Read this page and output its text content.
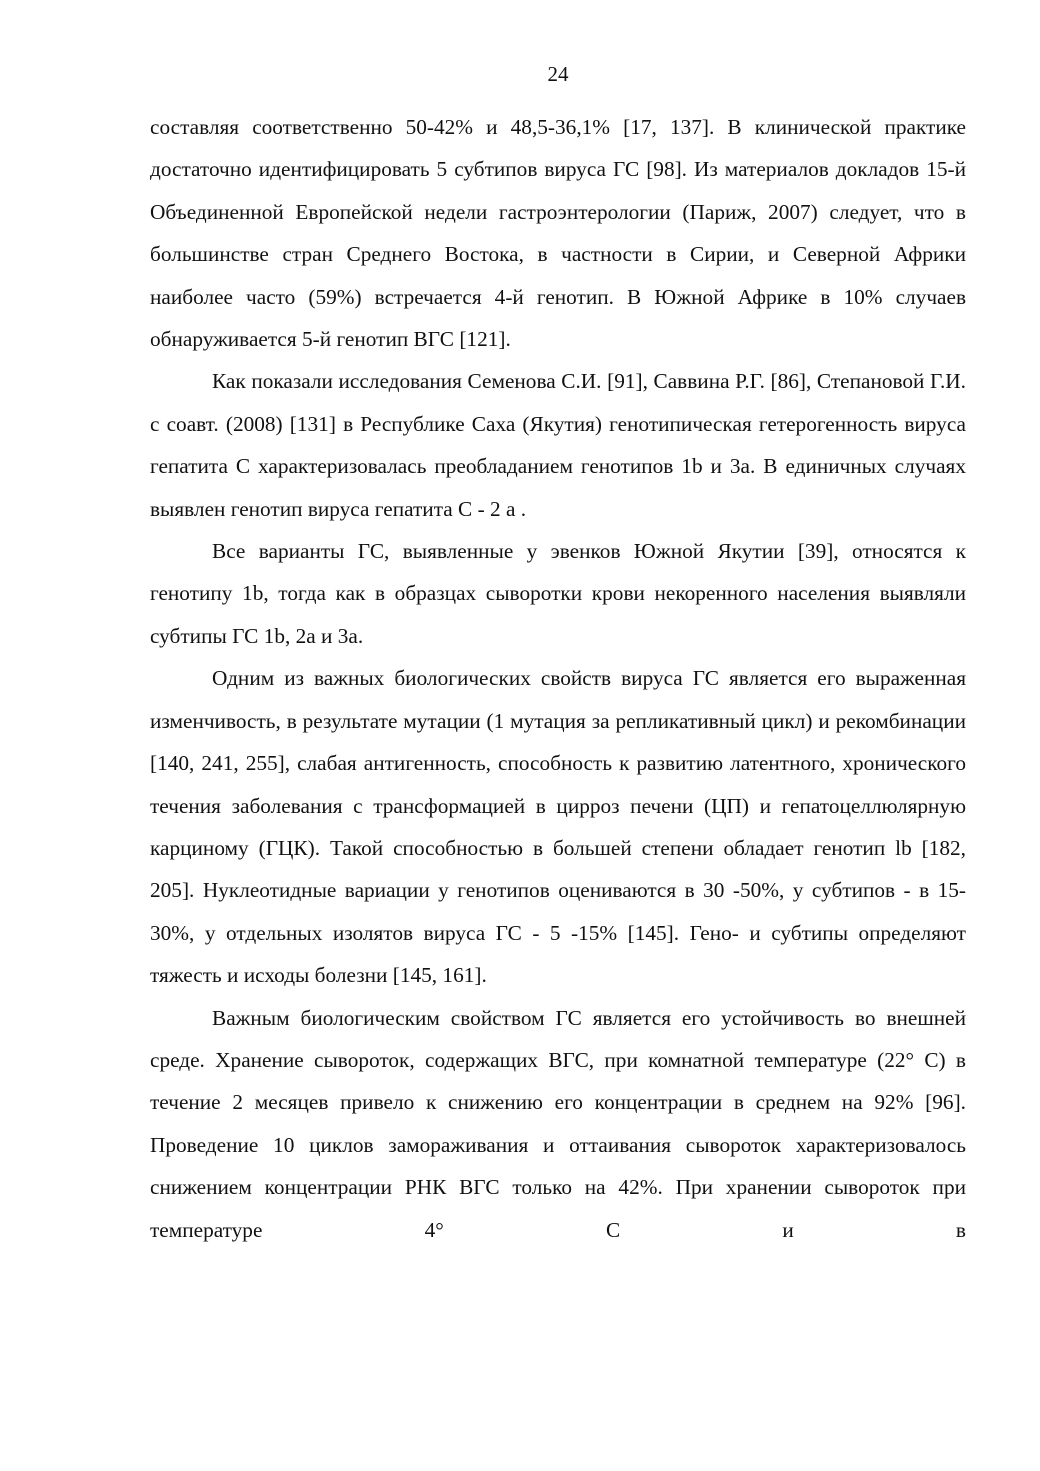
24

составляя соответственно 50-42% и 48,5-36,1% [17, 137]. В клинической практике достаточно идентифицировать 5 субтипов вируса ГС [98]. Из материалов докладов 15-й Объединенной Европейской недели гастроэнтерологии (Париж, 2007) следует, что в большинстве стран Среднего Востока, в частности в Сирии, и Северной Африки наиболее часто (59%) встречается 4-й генотип. В Южной Африке в 10% случаев обнаруживается 5-й генотип ВГС [121].

Как показали исследования Семенова С.И. [91], Саввина Р.Г. [86], Степановой Г.И. с соавт. (2008) [131] в Республике Саха (Якутия) генотипическая гетерогенность вируса гепатита С характеризовалась преобладанием генотипов 1b и 3a. В единичных случаях выявлен генотип вируса гепатита С - 2 а .

Все варианты ГС, выявленные у эвенков Южной Якутии [39], относятся к генотипу 1b, тогда как в образцах сыворотки крови некоренного населения выявляли субтипы ГС 1b, 2a и 3a.

Одним из важных биологических свойств вируса ГС является его выраженная изменчивость, в результате мутации (1 мутация за репликативный цикл) и рекомбинации [140, 241, 255], слабая антигенность, способность к развитию латентного, хронического течения заболевания с трансформацией в цирроз печени (ЦП) и гепатоцеллюлярную карциному (ГЦК). Такой способностью в большей степени обладает генотип lb [182, 205]. Нуклеотидные вариации у генотипов оцениваются в 30 -50%, у субтипов - в 15-30%, у отдельных изолятов вируса ГС - 5 -15% [145]. Гено- и субтипы определяют тяжесть и исходы болезни [145, 161].

Важным биологическим свойством ГС является его устойчивость во внешней среде. Хранение сывороток, содержащих ВГС, при комнатной температуре (22° С) в течение 2 месяцев привело к снижению его концентрации в среднем на 92% [96]. Проведение 10 циклов замораживания и оттаивания сывороток характеризовалось снижением концентрации РНК ВГС только на 42%. При хранении сывороток при температуре 4° С и в
